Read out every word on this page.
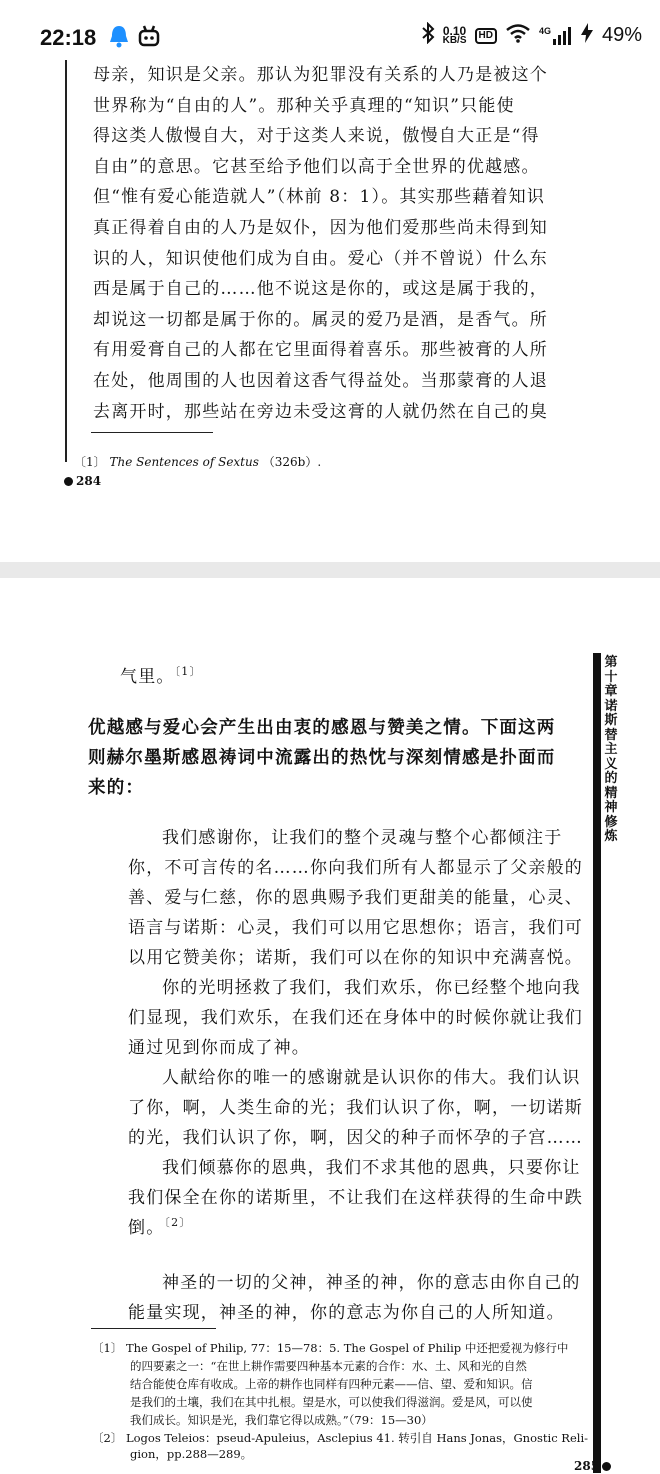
22:18	0.10
KB/S	HD	4G	49%
母亲，知识是父亲。那认为犯罪没有关系的人乃是被这个
世界称为“自由的人”。那种关乎真理的“知识”只能使
得这类人傲慢自大，对于这类人来说，傲慢自大正是“得
自由”的意思。它甚至给予他们以高于全世界的优越感。
但“惟有爱心能造就人”（林前 8：1）。其实那些藉着知识
真正得着自由的人乃是奴仆，因为他们爱那些尚未得到知
识的人，知识使他们成为自由。爱心（并不曾说）什么东
西是属于自己的……他不说这是你的，或这是属于我的，
却说这一切都是属于你的。属灵的爱乃是酒，是香气。所
有用爱膏自己的人都在它里面得着喜乐。那些被膏的人所
在处，他周围的人也因着这香气得益处。当那蒙膏的人退
去离开时，那些站在旁边未受这膏的人就仍然在自己的臭
〔1〕 The Sentences of Sextus （326b）.
284
第十章 诺斯替主义的精神修炼
气里。$^{〔1〕}$
优越感与爱心会产生出由衷的感恩与赞美之情。下面这两
则赫尔墨斯感恩祷词中流露出的热忱与深刻情感是扑面而
来的：
我们感谢你，让我们的整个灵魂与整个心都倾注于
你，不可言传的名……你向我们所有人都显示了父亲般的
善、爱与仁慈，你的恩典赐予我们更甜美的能量，心灵、
语言与诺斯：心灵，我们可以用它思想你；语言，我们可
以用它赞美你；诺斯，我们可以在你的知识中充满喜悦。
你的光明拯救了我们，我们欢乐，你已经整个地向我
们显现，我们欢乐，在我们还在身体中的时候你就让我们
通过见到你而成了神。
人献给你的唯一的感谢就是认识你的伟大。我们认识
了你，啊，人类生命的光；我们认识了你，啊，一切诺斯
的光，我们认识了你，啊，因父的种子而怀孕的子宫……
我们倾慕你的恩典，我们不求其他的恩典，只要你让
我们保全在你的诺斯里，不让我们在这样获得的生命中跌
倒。$^{〔2〕}$
神圣的一切的父神，神圣的神，你的意志由你自己的
能量实现，神圣的神，你的意志为你自己的人所知道。
〔1〕 The Gospel of Philip, 77：15—78：5. The Gospel of Philip 中还把爱视为修行中
的四要素之一：“在世上耕作需要四种基本元素的合作：水、土、风和光的自然
结合能使仓库有收成。上帝的耕作也同样有四种元素——信、望、爱和知识。信
是我们的土壤，我们在其中扎根。望是水，可以使我们得滋润。爱是风，可以使
我们成长。知识是光，我们靠它得以成熟。”（79：15—30）
〔2〕 Logos Teleios：pseud-Apuleius，Asclepius 41. 转引自 Hans Jonas，Gnostic Reli-
gion，pp.288—289。
285
